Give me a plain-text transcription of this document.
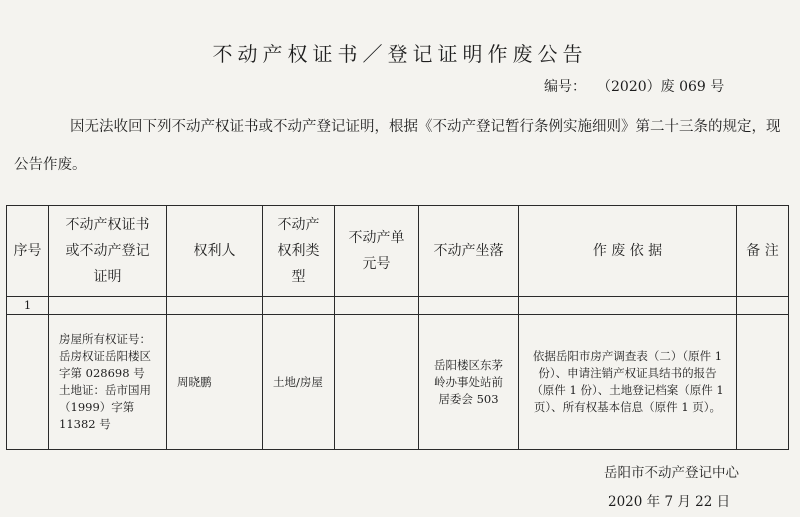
不动产权证书／登记证明作废公告
编号： （2020）废 069 号
因无法收回下列不动产权证书或不动产登记证明，根据《不动产登记暂行条例实施细则》第二十三条的规定，现公告作废。
序号	不动产权证书或不动产登记证明	权利人	不动产权利类型	不动产单元号	不动产坐落	作 废 依 据	备 注
1							
	房屋所有权证号：岳房权证岳阳楼区字第 028698 号土地证：岳市国用（1999）字第 11382 号	周晓鹏	土地/房屋		岳阳楼区东茅岭办事处站前居委会 503	依据岳阳市房产调查表（二）（原件 1 份）、申请注销产权证具结书的报告（原件 1 份）、土地登记档案（原件 1 页）、所有权基本信息（原件 1 页）。	
岳阳市不动产登记中心
2020 年 7 月 22 日
